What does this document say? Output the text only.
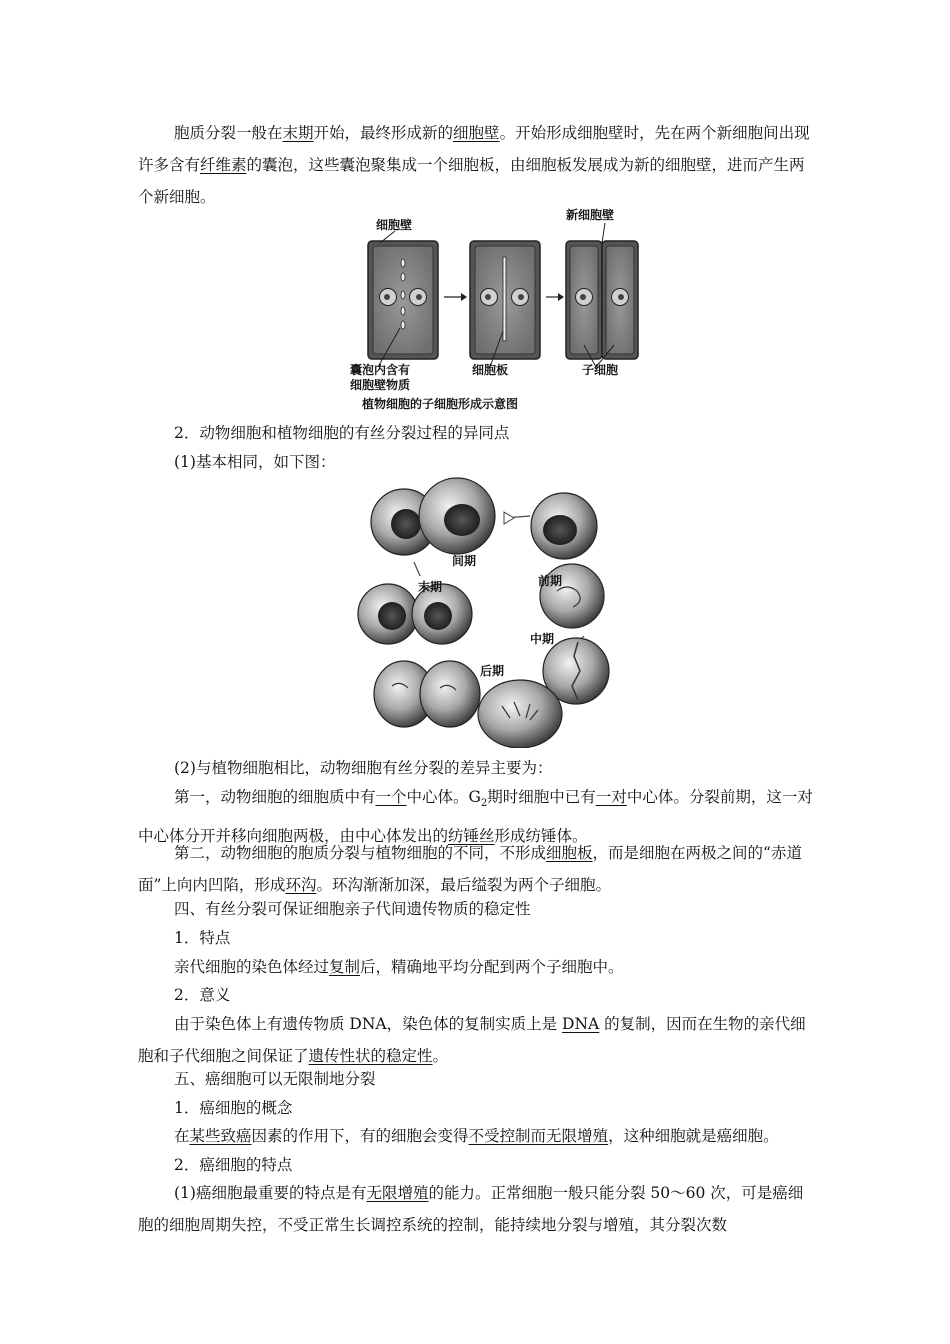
胞质分裂一般在末期开始，最终形成新的细胞壁。开始形成细胞壁时，先在两个新细胞间出现许多含有纤维素的囊泡，这些囊泡聚集成一个细胞板，由细胞板发展成为新的细胞壁，进而产生两个新细胞。

细胞壁
新细胞壁
囊泡内含有
细胞壁物质
细胞板	子细胞
植物细胞的子细胞形成示意图

2．动物细胞和植物细胞的有丝分裂过程的异同点

(1)基本相同，如下图：

间期
前期
中期
后期
末期

(2)与植物细胞相比，动物细胞有丝分裂的差异主要为：

第一，动物细胞的细胞质中有一个中心体。$G_2$期时细胞中已有一对中心体。分裂前期，这一对中心体分开并移向细胞两极，由中心体发出的纺锤丝形成纺锤体。

第二，动物细胞的胞质分裂与植物细胞的不同，不形成细胞板，而是细胞在两极之间的“赤道面”上向内凹陷，形成环沟。环沟渐渐加深，最后缢裂为两个子细胞。

四、有丝分裂可保证细胞亲子代间遗传物质的稳定性

1．特点

亲代细胞的染色体经过复制后，精确地平均分配到两个子细胞中。

2．意义

由于染色体上有遗传物质 DNA，染色体的复制实质上是 DNA 的复制，因而在生物的亲代细胞和子代细胞之间保证了遗传性状的稳定性。

五、癌细胞可以无限制地分裂

1．癌细胞的概念

在某些致癌因素的作用下，有的细胞会变得不受控制而无限增殖，这种细胞就是癌细胞。

2．癌细胞的特点

(1)癌细胞最重要的特点是有无限增殖的能力。正常细胞一般只能分裂 50～60 次，可是癌细胞的细胞周期失控，不受正常生长调控系统的控制，能持续地分裂与增殖，其分裂次数
